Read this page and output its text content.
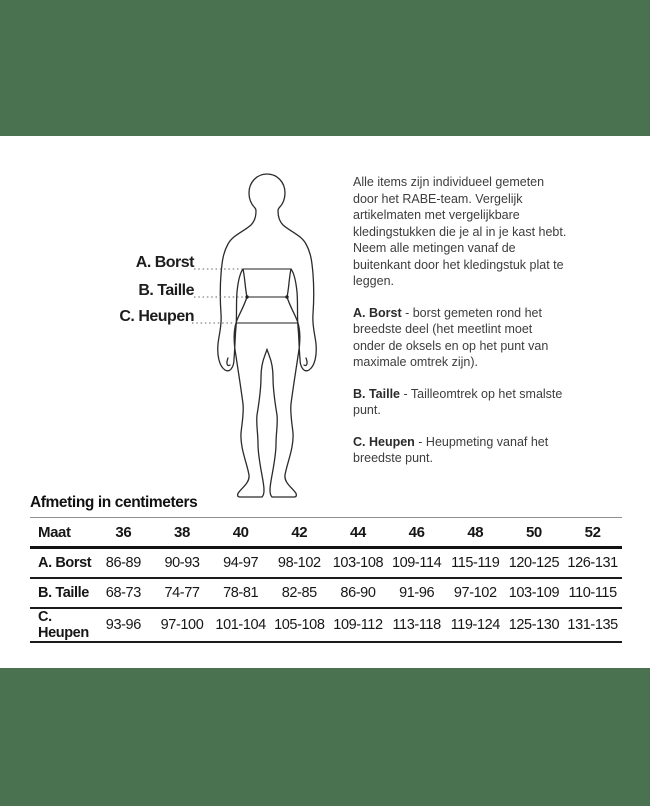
A. Borst
B. Taille
C. Heupen

Alle items zijn individueel gemeten door het RABE-team. Vergelijk artikelmaten met vergelijkbare kledingstukken die je al in je kast hebt. Neem alle metingen vanaf de buitenkant door het kledingstuk plat te leggen.

A. Borst - borst gemeten rond het breedste deel (het meetlint moet onder de oksels en op het punt van maximale omtrek zijn).

B. Taille - Tailleomtrek op het smalste punt.

C. Heupen - Heupmeting vanaf het breedste punt.

Afmeting in centimeters
Maat	36	38	40	42	44	46	48	50	52
A. Borst	86-89	90-93	94-97	98-102	103-108	109-114	115-119	120-125	126-131
B. Taille	68-73	74-77	78-81	82-85	86-90	91-96	97-102	103-109	110-115
C. Heupen	93-96	97-100	101-104	105-108	109-112	113-118	119-124	125-130	131-135
